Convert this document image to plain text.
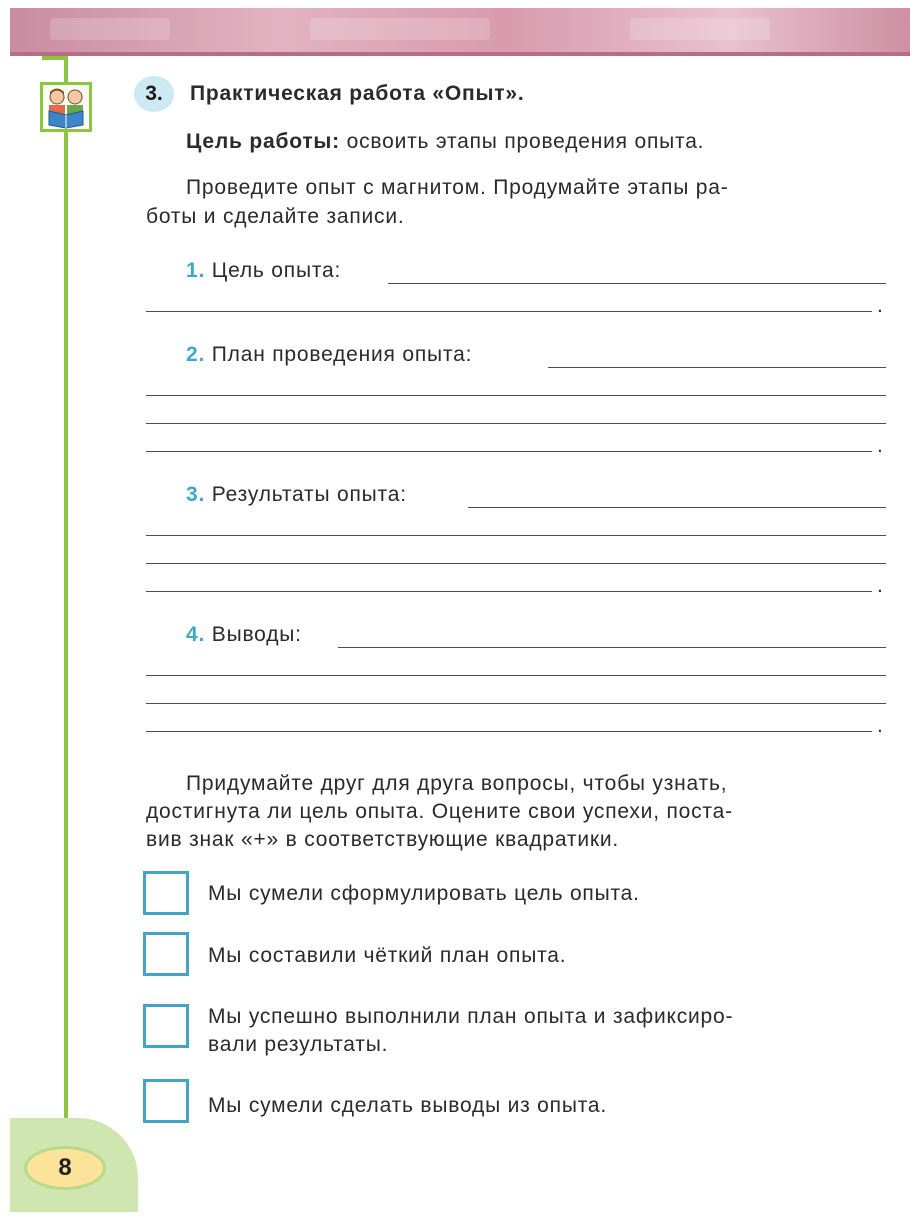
3.	Практическая работа «Опыт».
Цель работы: освоить этапы проведения опыта.
Проведите опыт с магнитом. Продумайте этапы ра-
боты и сделайте записи.
1. Цель опыта:
.
2. План проведения опыта:
.
3. Результаты опыта:
.
4. Выводы:
.
Придумайте друг для друга вопросы, чтобы узнать,
достигнута ли цель опыта. Оцените свои успехи, поста-
вив знак «+» в соответствующие квадратики.
Мы сумели сформулировать цель опыта.
Мы составили чёткий план опыта.
Мы успешно выполнили план опыта и зафиксиро-
вали результаты.
Мы сумели сделать выводы из опыта.
8
